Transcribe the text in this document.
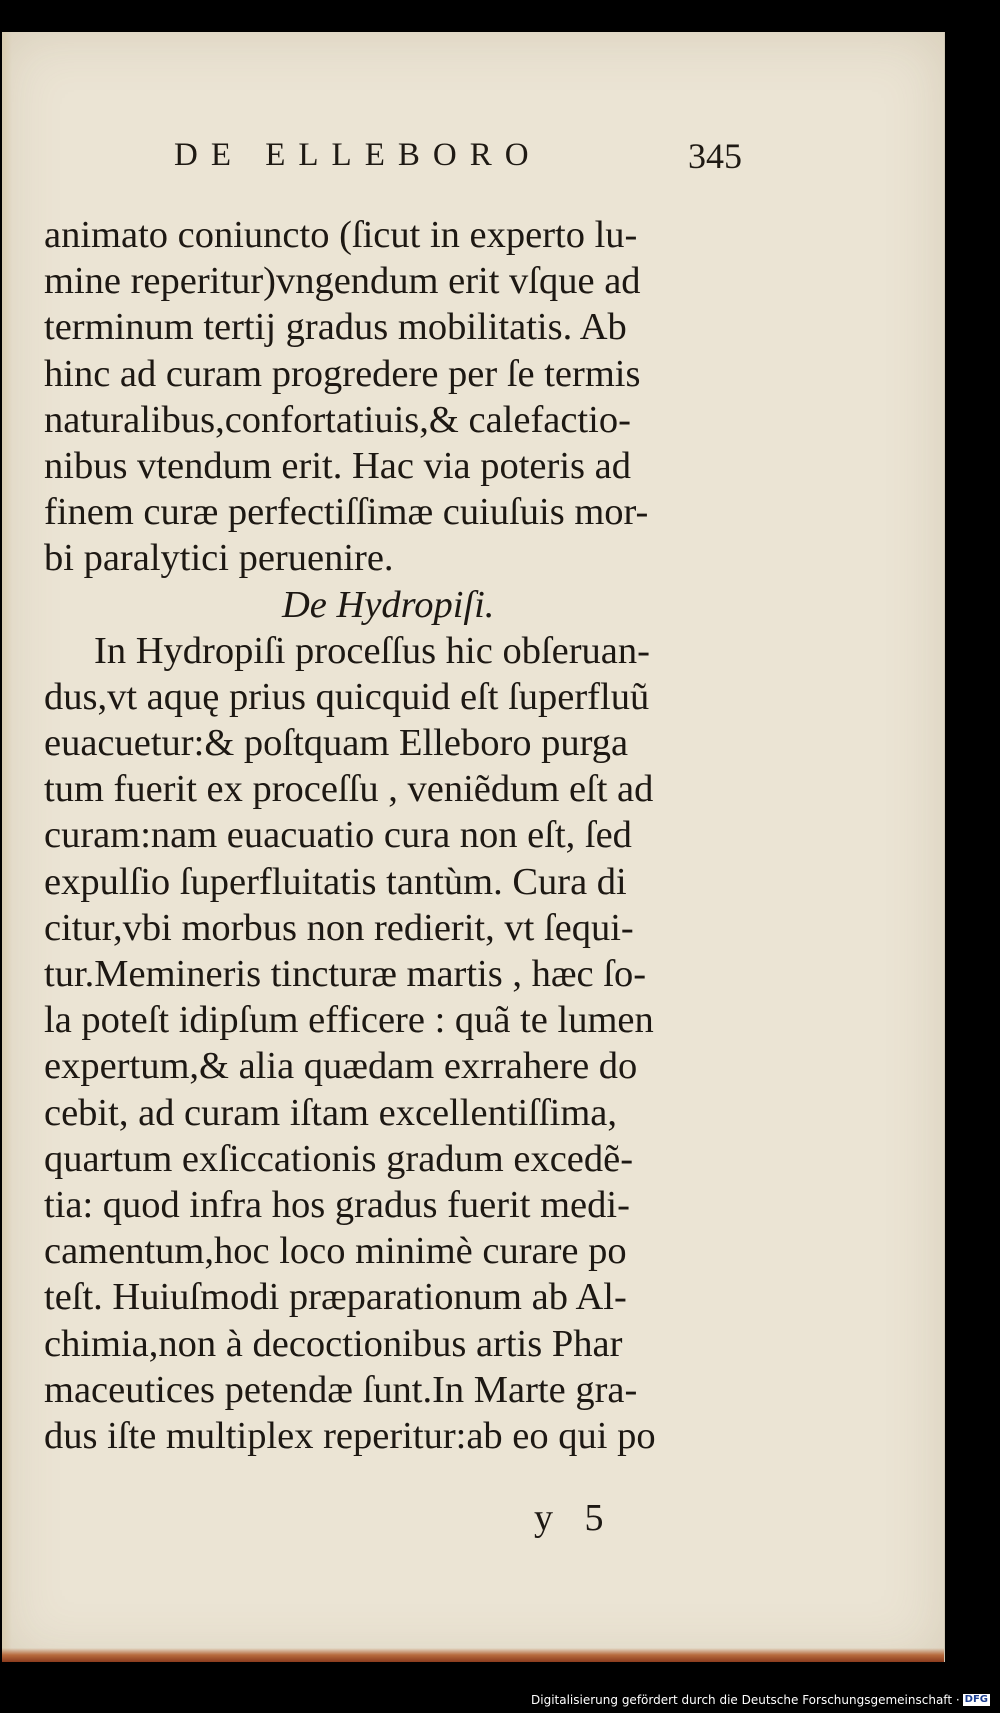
DE ELLEBORO	345
animato coniuncto (ſicut in experto lu-
mine reperitur)vngendum erit vſque ad
terminum tertij gradus mobilitatis. Ab
hinc ad curam progredere per ſe termis
naturalibus,confortatiuis,& calefactio-
nibus vtendum erit. Hac via poteris ad
finem curæ perfectiſſimæ cuiuſuis mor-
bi paralytici peruenire.
De Hydropiſi.
In Hydropiſi proceſſus hic obſeruan-
dus,vt aquę prius quicquid eſt ſuperfluũ
euacuetur:& poſtquam Elleboro purga
tum fuerit ex proceſſu , veniẽdum eſt ad
curam:nam euacuatio cura non eſt, ſed
expulſio ſuperfluitatis tantùm. Cura di
citur,vbi morbus non redierit, vt ſequi-
tur.Memineris tincturæ martis , hæc ſo-
la poteſt idipſum efficere : quã te lumen
expertum,& alia quædam exrrahere do
cebit, ad curam iſtam excellentiſſima,
quartum exſiccationis gradum excedẽ-
tia: quod infra hos gradus fuerit medi-
camentum,hoc loco minimè curare po
teſt. Huiuſmodi præparationum ab Al-
chimia,non à decoctionibus artis Phar
maceutices petendæ ſunt.In Marte gra-
dus iſte multiplex reperitur:ab eo qui po
y 5
Digitalisierung gefördert durch die Deutsche Forschungsgemeinschaft · DFG
